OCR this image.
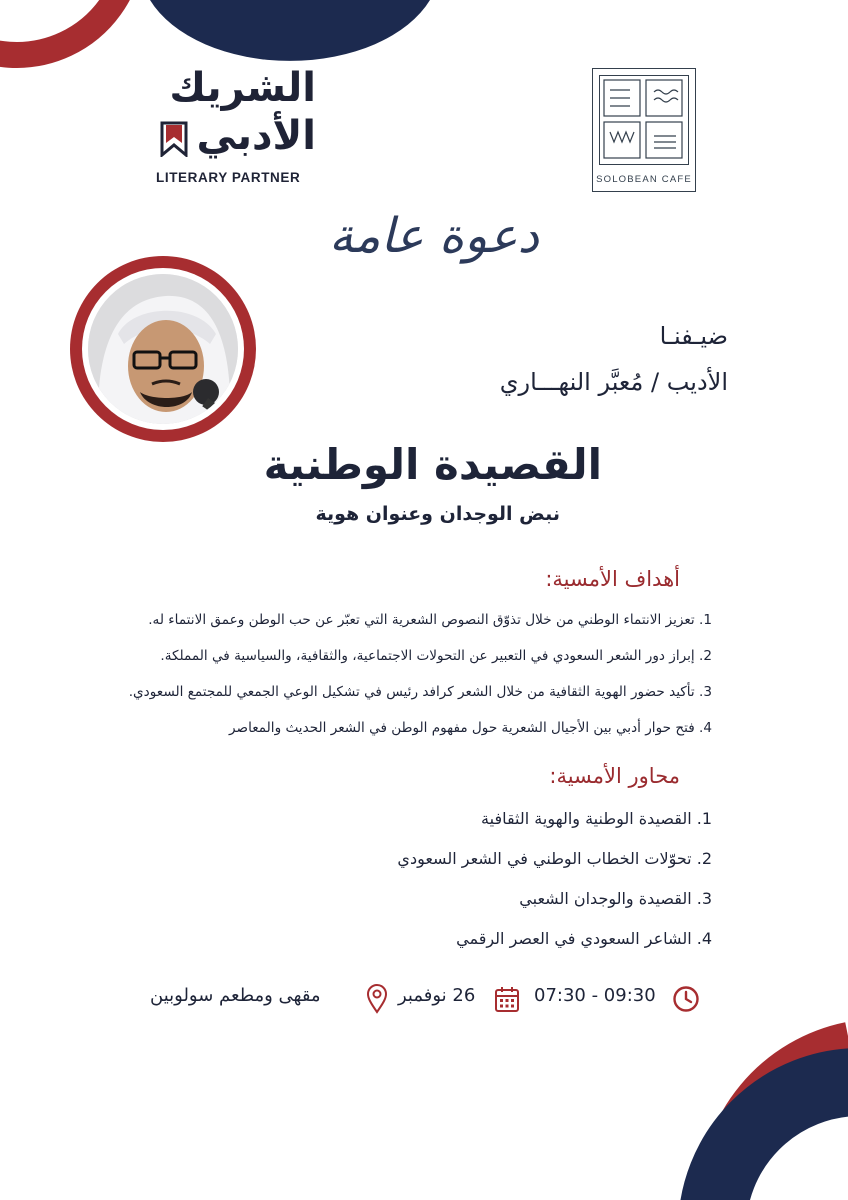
الشريك
الأدبي
LITERARY PARTNER	SOLOBEAN CAFE
دعوة عامة
ضيـفنـا
الأديب / مُعبَّر النهـــاري
القصيدة الوطنية
نبض الوجدان وعنوان هوية
أهداف الأمسية:
1. تعزيز الانتماء الوطني من خلال تذوّق النصوص الشعرية التي تعبّر عن حب الوطن وعمق الانتماء له.
2. إبراز دور الشعر السعودي في التعبير عن التحولات الاجتماعية، والثقافية، والسياسية في المملكة.
3. تأكيد حضور الهوية الثقافية من خلال الشعر كرافد رئيس في تشكيل الوعي الجمعي للمجتمع السعودي.
4. فتح حوار أدبي بين الأجيال الشعرية حول مفهوم الوطن في الشعر الحديث والمعاصر
محاور الأمسية:
1. القصيدة الوطنية والهوية الثقافية
2. تحوّلات الخطاب الوطني في الشعر السعودي
3. القصيدة والوجدان الشعبي
4. الشاعر السعودي في العصر الرقمي
07:30 - 09:30
26 نوفمبر
مقهى ومطعم سولوبين
